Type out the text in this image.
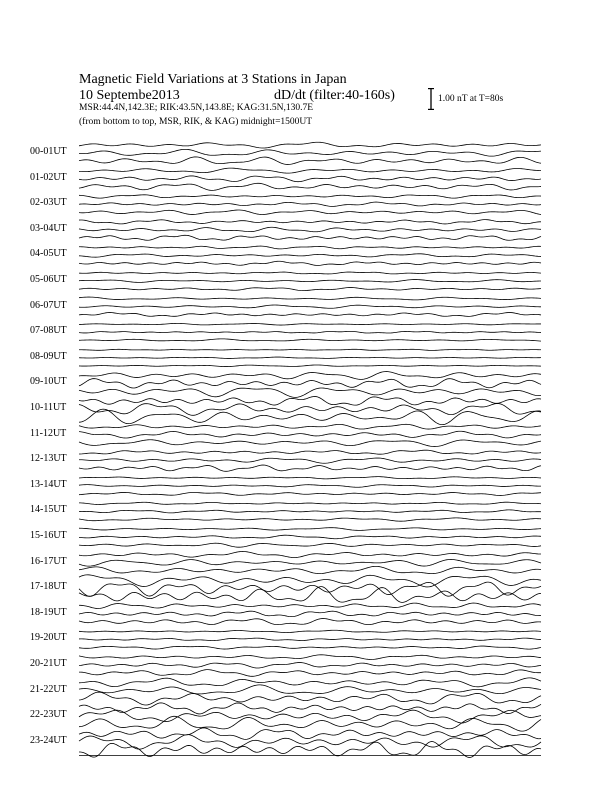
Magnetic Field Variations at 3 Stations in Japan
10 Septembe2013	dD/dt (filter:40-160s)
MSR:44.4N,142.3E; RIK:43.5N,143.8E; KAG:31.5N,130.7E
(from bottom to top, MSR, RIK, & KAG) midnight=1500UT
1.00 nT at T=80s
00-01UT
01-02UT
02-03UT
03-04UT
04-05UT
05-06UT
06-07UT
07-08UT
08-09UT
09-10UT
10-11UT
11-12UT
12-13UT
13-14UT
14-15UT
15-16UT
16-17UT
17-18UT
18-19UT
19-20UT
20-21UT
21-22UT
22-23UT
23-24UT
